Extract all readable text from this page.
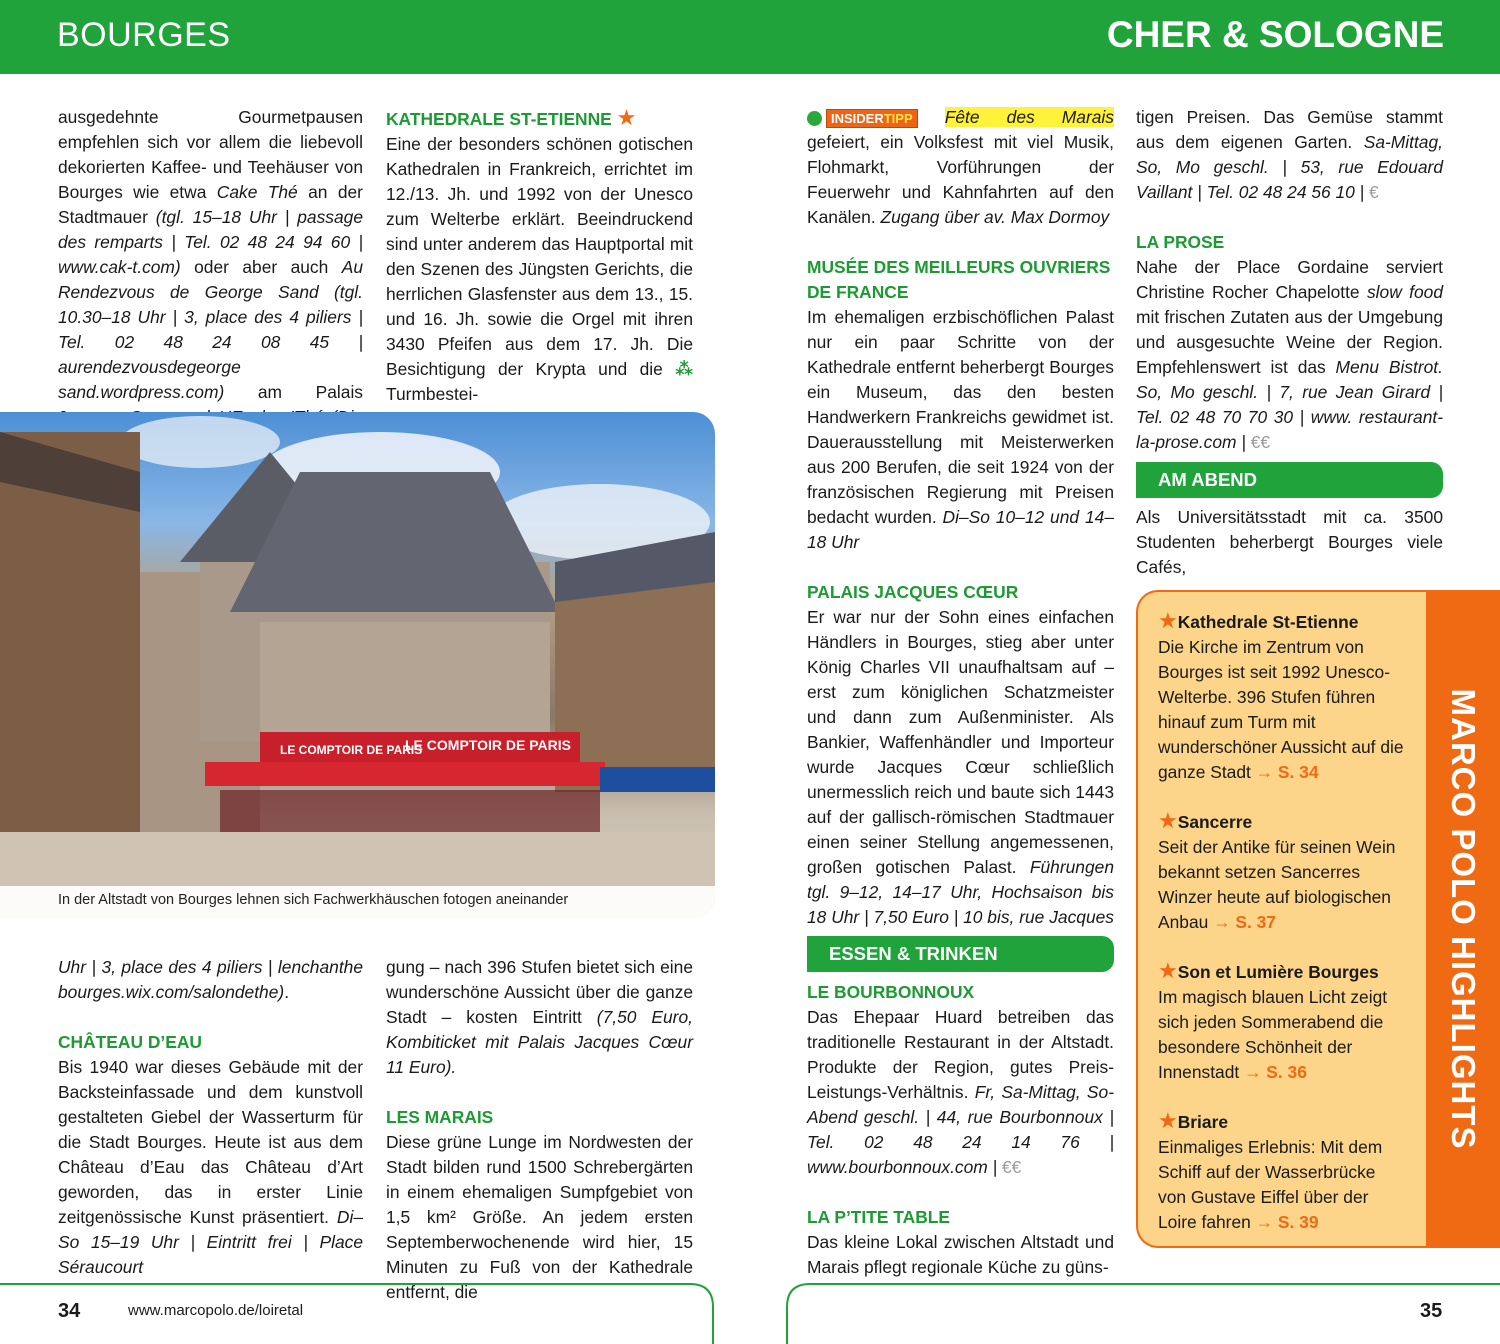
BOURGES	CHER & SOLOGNE

ausgedehnte Gourmetpausen empfehlen sich vor allem die liebevoll dekorierten Kaffee- und Teehäuser von Bourges wie etwa Cake Thé an der Stadtmauer (tgl. 15–18 Uhr | passage des remparts | Tel. 02 48 24 94 60 | www.cak-t.com) oder aber auch Au Rendezvous de George Sand (tgl. 10.30–18 Uhr | 3, place des 4 piliers | Tel. 02 48 24 08 45 | aurendezvousdegeorge sand.wordpress.com) am Palais

KATHEDRALE ST-ETIENNE ★

Eine der besonders schönen gotischen Kathedralen in Frankreich, errichtet im 12./13. Jh. und 1992 von der Unesco zum Welterbe erklärt. Beeindruckend sind unter anderem das Hauptportal mit den Szenen des Jüngsten Gerichts, die herrlichen Glasfenster aus dem 13., 15. und 16. Jh. sowie die Orgel mit ihren 3430 Pfeifen aus dem 17. Jh. Die Besichtigung der Krypta und die ⁂ Turmbestei-

LE COMPTOIR DE PARIS
LE COMPTOIR DE PARIS
In der Altstadt von Bourges lehnen sich Fachwerkhäuschen fotogen aneinander

Uhr | 3, place des 4 piliers | lenchanthe bourges.wix.com/salondethe).

CHÂTEAU D’EAU

Bis 1940 war dieses Gebäude mit der Backsteinfassade und dem kunstvoll gestalteten Giebel der Wasserturm für die Stadt Bourges. Heute ist aus dem Château d’Eau das Château d’Art geworden, das in erster Linie zeitgenössische Kunst präsentiert. Di–So 15–19 Uhr | Eintritt frei | Place Séraucourt

gung – nach 396 Stufen bietet sich eine wunderschöne Aussicht über die ganze Stadt – kosten Eintritt (7,50 Euro, Kombiticket mit Palais Jacques Cœur 11 Euro).

LES MARAIS

Diese grüne Lunge im Nordwesten der Stadt bilden rund 1500 Schrebergärten in einem ehemaligen Sumpfgebiet von 1,5 km² Größe. An jedem ersten Septemberwochenende wird hier, 15 Minuten zu Fuß von der Kathedrale entfernt, die

INSIDERTIPP Fête des Marais gefeiert, ein Volksfest mit viel Musik, Flohmarkt, Vorführungen der Feuerwehr und Kahnfahrten auf den Kanälen. Zugang über av. Max Dormoy

MUSÉE DES MEILLEURS OUVRIERS DE FRANCE

Im ehemaligen erzbischöflichen Palast nur ein paar Schritte von der Kathedrale entfernt beherbergt Bourges ein Museum, das den besten Handwerkern Frankreichs gewidmet ist. Dauerausstellung mit Meisterwerken aus 200 Berufen, die seit 1924 von der französischen Regierung mit Preisen bedacht wurden. Di–So 10–12 und 14–18 Uhr

PALAIS JACQUES CŒUR

Er war nur der Sohn eines einfachen Händlers in Bourges, stieg aber unter König Charles VII unaufhaltsam auf – erst zum königlichen Schatzmeister und dann zum Außenminister. Als Bankier, Waffenhändler und Importeur wurde Jacques Cœur schließlich unermesslich reich und baute sich 1443 auf der gallisch-römischen Stadtmauer einen seiner Stellung angemessenen, großen gotischen Palast. Führungen tgl. 9–12, 14–17 Uhr, Hochsaison bis 18 Uhr | 7,50 Euro | 10 bis, rue Jacques

ESSEN & TRINKEN
LE BOURBONNOUX

Das Ehepaar Huard betreiben das traditionelle Restaurant in der Altstadt. Produkte der Region, gutes Preis-Leistungs-Verhältnis. Fr, Sa-Mittag, So-Abend geschl. | 44, rue Bourbonnoux | Tel. 02 48 24 14 76 | www.bourbonnoux.com | €€

LA P’TITE TABLE

Das kleine Lokal zwischen Altstadt und Marais pflegt regionale Küche zu güns-

tigen Preisen. Das Gemüse stammt aus dem eigenen Garten. Sa-Mittag, So, Mo geschl. | 53, rue Edouard Vaillant | Tel. 02 48 24 56 10 | €

LA PROSE

Nahe der Place Gordaine serviert Christine Rocher Chapelotte slow food mit frischen Zutaten aus der Umgebung und ausgesuchte Weine der Region. Empfehlenswert ist das Menu Bistrot. So, Mo geschl. | 7, rue Jean Girard | Tel. 02 48 70 70 30 | www. restaurant-la-prose.com | €€

AM ABEND

Als Universitätsstadt mit ca. 3500 Studenten beherbergt Bourges viele Cafés,

★Kathedrale St-Etienne
Die Kirche im Zentrum von Bourges ist seit 1992 Unesco-Welterbe. 396 Stufen führen hinauf zum Turm mit wunderschöner Aussicht auf die ganze Stadt → S. 34
★Sancerre
Seit der Antike für seinen Wein bekannt setzen Sancerres Winzer heute auf biologischen Anbau → S. 37
★Son et Lumière Bourges
Im magisch blauen Licht zeigt sich jeden Sommerabend die besondere Schönheit der Innenstadt → S. 36
★Briare
Einmaliges Erlebnis: Mit dem Schiff auf der Wasserbrücke von Gustave Eiffel über der Loire fahren → S. 39
MARCO POLO HIGHLIGHTS
34	www.marcopolo.de/loiretal	35
